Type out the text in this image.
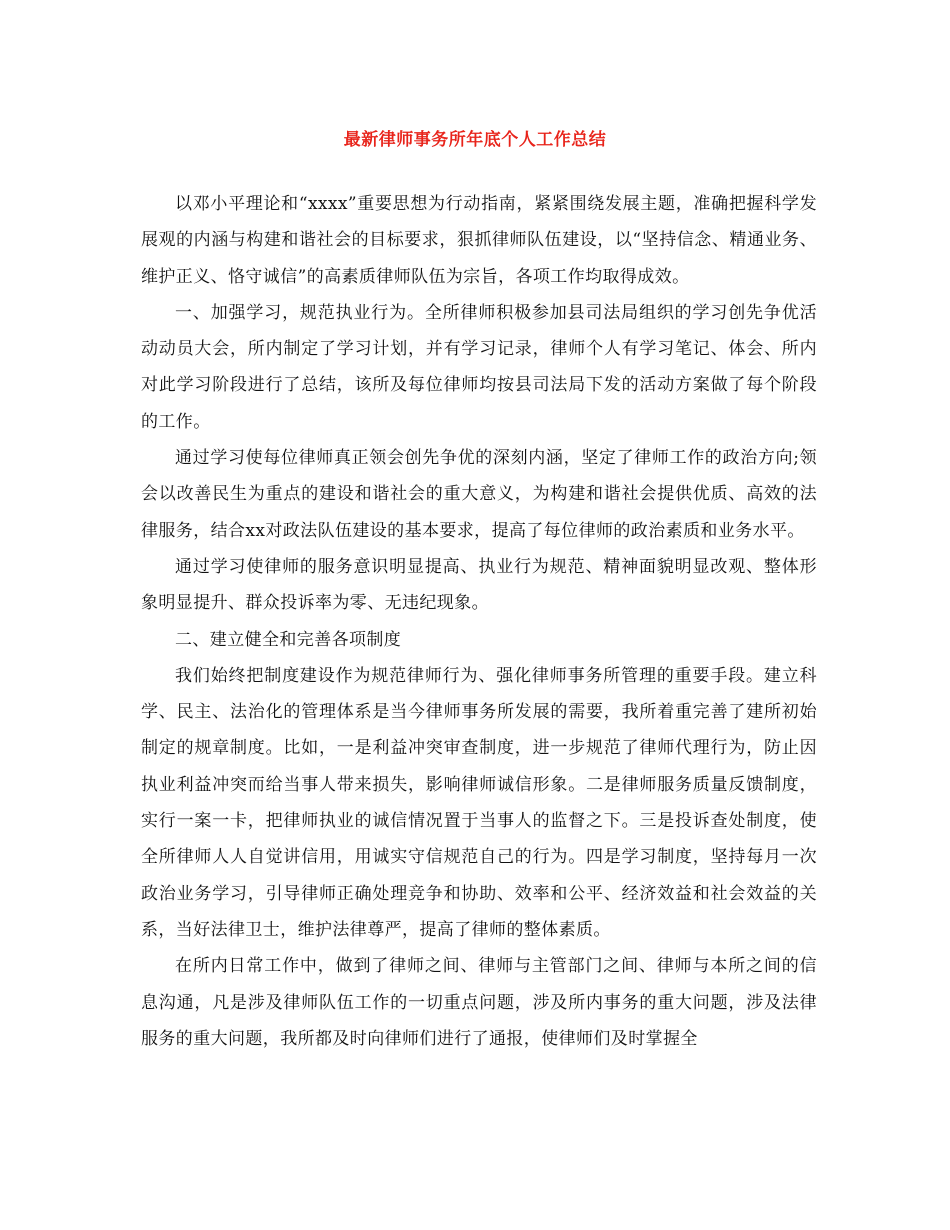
最新律师事务所年底个人工作总结

以邓小平理论和“xxxx”重要思想为行动指南，紧紧围绕发展主题，准确把握科学发展观的内涵与构建和谐社会的目标要求，狠抓律师队伍建设，以“坚持信念、精通业务、维护正义、恪守诚信”的高素质律师队伍为宗旨，各项工作均取得成效。

一、加强学习，规范执业行为。全所律师积极参加县司法局组织的学习创先争优活动动员大会，所内制定了学习计划，并有学习记录，律师个人有学习笔记、体会、所内对此学习阶段进行了总结，该所及每位律师均按县司法局下发的活动方案做了每个阶段的工作。

通过学习使每位律师真正领会创先争优的深刻内涵，坚定了律师工作的政治方向;领会以改善民生为重点的建设和谐社会的重大意义，为构建和谐社会提供优质、高效的法律服务，结合xx对政法队伍建设的基本要求，提高了每位律师的政治素质和业务水平。

通过学习使律师的服务意识明显提高、执业行为规范、精神面貌明显改观、整体形象明显提升、群众投诉率为零、无违纪现象。

二、建立健全和完善各项制度

我们始终把制度建设作为规范律师行为、强化律师事务所管理的重要手段。建立科学、民主、法治化的管理体系是当今律师事务所发展的需要，我所着重完善了建所初始制定的规章制度。比如，一是利益冲突审查制度，进一步规范了律师代理行为，防止因执业利益冲突而给当事人带来损失，影响律师诚信形象。二是律师服务质量反馈制度，实行一案一卡，把律师执业的诚信情况置于当事人的监督之下。三是投诉查处制度，使全所律师人人自觉讲信用，用诚实守信规范自己的行为。四是学习制度，坚持每月一次政治业务学习，引导律师正确处理竞争和协助、效率和公平、经济效益和社会效益的关系，当好法律卫士，维护法律尊严，提高了律师的整体素质。

在所内日常工作中，做到了律师之间、律师与主管部门之间、律师与本所之间的信息沟通，凡是涉及律师队伍工作的一切重点问题，涉及所内事务的重大问题，涉及法律服务的重大问题，我所都及时向律师们进行了通报，使律师们及时掌握全
